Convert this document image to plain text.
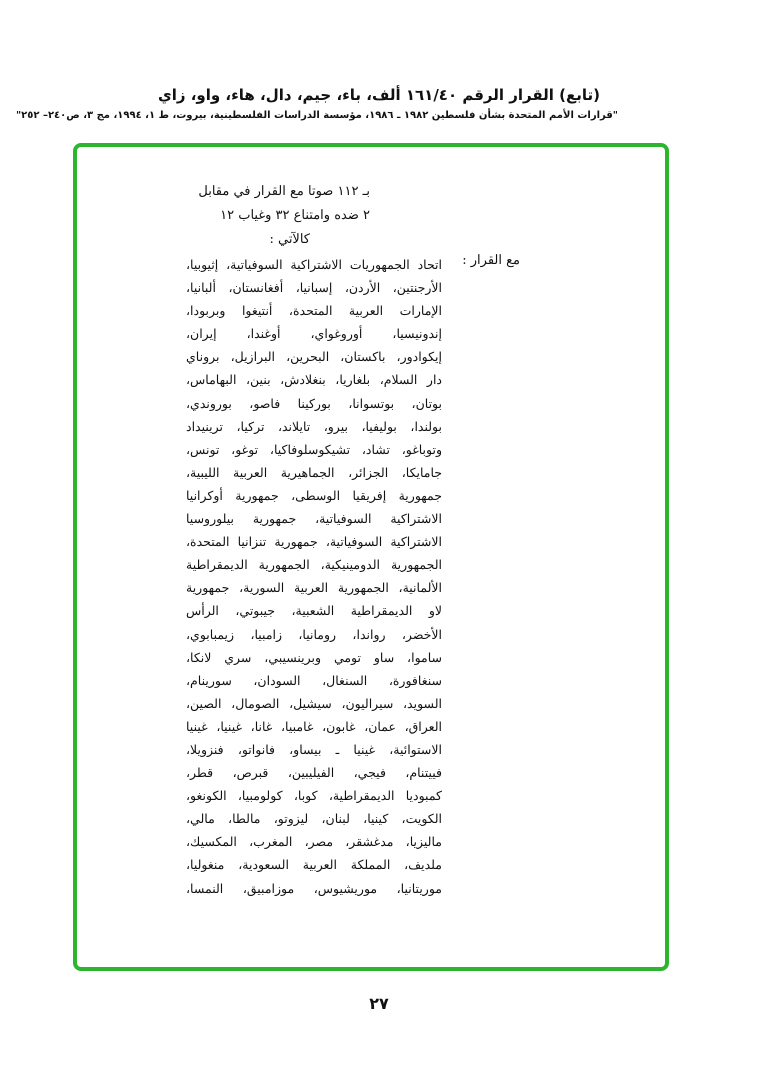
(تابع) القرار الرقم ١٦١/٤٠ ألف، باء، جيم، دال، هاء، واو، زاي
"قرارات الأمم المتحدة بشأن فلسطين ١٩٨٢ ـ ١٩٨٦، مؤسسة الدراسات الفلسطينية، بيروت، ط ١، ١٩٩٤، مج ٣، ص٢٤٠– ٢٥٢"
بـ ١١٢ صوتا مع القرار في مقابل
٢ ضده وامتناع ٣٢ وغياب ١٢
كالآتي :
مع القرار :
اتحاد الجمهوريات الاشتراكية السوفياتية، إثيوبيا،
الأرجنتين، الأردن، إسبانيا، أفغانستان، ألبانيا،
الإمارات العربية المتحدة، أنتيغوا وبربودا،
إندونيسيا، أوروغواي، أوغندا، إيران،
إيكوادور، باكستان، البحرين، البرازيل، بروناي
دار السلام، بلغاريا، بنغلادش، بنين، البهاماس،
بوتان، بوتسوانا، بوركينا فاصو، بوروندي،
بولندا، بوليفيا، بيرو، تايلاند، تركيا، ترينيداد
وتوباغو، تشاد، تشيكوسلوفاكيا، توغو، تونس،
جامايكا، الجزائر، الجماهيرية العربية الليبية،
جمهورية إفريقيا الوسطى، جمهورية أوكرانيا
الاشتراكية السوفياتية، جمهورية بيلوروسيا
الاشتراكية السوفياتية، جمهورية تنزانيا المتحدة،
الجمهورية الدومينيكية، الجمهورية الديمقراطية
الألمانية، الجمهورية العربية السورية، جمهورية
لاو الديمقراطية الشعبية، جيبوتي، الرأس
الأخضر، رواندا، رومانيا، زامبيا، زيمبابوي،
ساموا، ساو تومي وبرينسيبي، سري لانكا،
سنغافورة، السنغال، السودان، سورينام،
السويد، سيراليون، سيشيل، الصومال، الصين،
العراق، عمان، غابون، غامبيا، غانا، غينيا، غينيا
الاستوائية، غينيا ـ بيساو، فانواتو، فنزويلا،
فييتنام، فيجي، الفيليبين، قبرص، قطر،
كمبوديا الديمقراطية، كوبا، كولومبيا، الكونغو،
الكويت، كينيا، لبنان، ليزوتو، مالطا، مالي،
ماليزيا، مدغشقر، مصر، المغرب، المكسيك،
ملديف، المملكة العربية السعودية، منغوليا،
موريتانيا، موريشيوس، موزامبيق، النمسا،
٢٧
